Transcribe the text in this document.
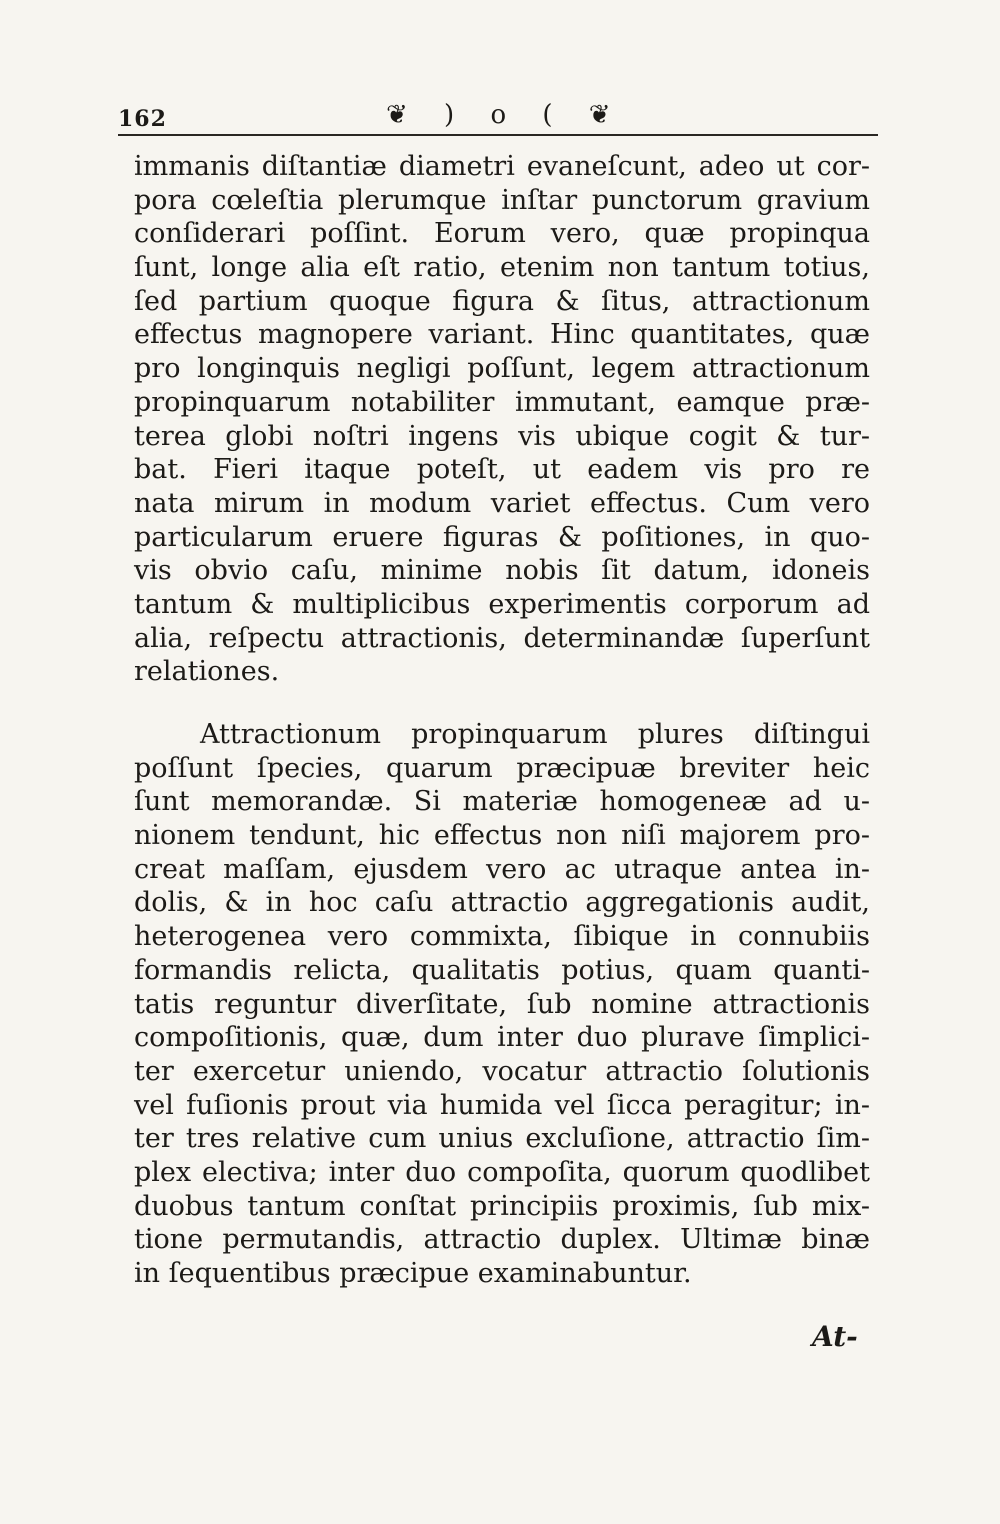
162	❦ ) o ( ❦
immanis diſtantiæ diametri evaneſcunt, adeo ut cor-
pora cœleſtia plerumque inſtar punctorum gravium
conſiderari poſſint. Eorum vero, quæ propinqua
ſunt, longe alia eſt ratio, etenim non tantum totius,
ſed partium quoque figura & ſitus, attractionum
effectus magnopere variant. Hinc quantitates, quæ
pro longinquis negligi poſſunt, legem attractionum
propinquarum notabiliter immutant, eamque præ-
terea globi noſtri ingens vis ubique cogit & tur-
bat. Fieri itaque poteſt, ut eadem vis pro re
nata mirum in modum variet effectus. Cum vero
particularum eruere figuras & poſitiones, in quo-
vis obvio caſu, minime nobis ſit datum, idoneis
tantum & multiplicibus experimentis corporum ad
alia, reſpectu attractionis, determinandæ ſuperſunt
relationes.
Attractionum propinquarum plures diſtingui
poſſunt ſpecies, quarum præcipuæ breviter heic
ſunt memorandæ. Si materiæ homogeneæ ad u-
nionem tendunt, hic effectus non niſi majorem pro-
creat maſſam, ejusdem vero ac utraque antea in-
dolis, & in hoc caſu attractio aggregationis audit,
heterogenea vero commixta, ſibique in connubiis
formandis relicta, qualitatis potius, quam quanti-
tatis reguntur diverſitate, ſub nomine attractionis
compoſitionis, quæ, dum inter duo plurave ſimplici-
ter exercetur uniendo, vocatur attractio ſolutionis
vel fuſionis prout via humida vel ſicca peragitur; in-
ter tres relative cum unius excluſione, attractio ſim-
plex electiva; inter duo compoſita, quorum quodlibet
duobus tantum conſtat principiis proximis, ſub mix-
tione permutandis, attractio duplex. Ultimæ binæ
in ſequentibus præcipue examinabuntur.
At-
